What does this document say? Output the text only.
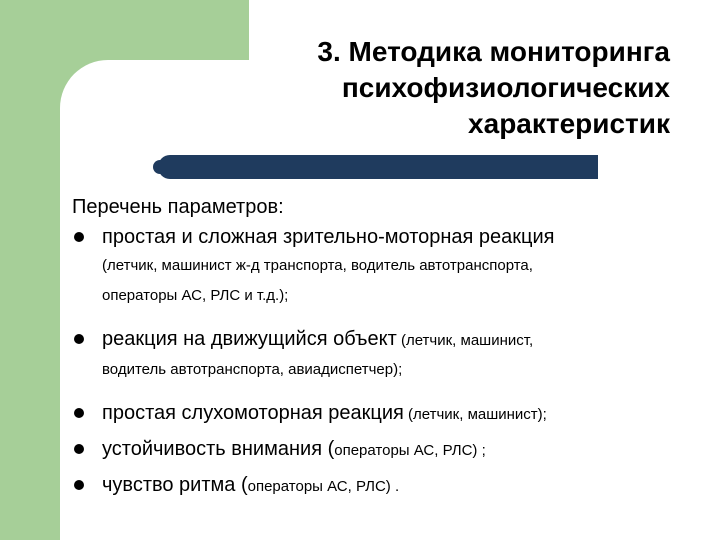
3. Методика мониторинга
психофизиологических
характеристик
Перечень параметров:
простая и сложная зрительно-моторная реакция
(летчик, машинист ж-д транспорта, водитель автотранспорта,
операторы АС, РЛС и т.д.);
реакция на движущийся объект (летчик, машинист,
водитель автотранспорта, авиадиспетчер);
простая слухомоторная реакция (летчик, машинист);
устойчивость внимания (операторы АС, РЛС) ;
чувство ритма (операторы АС, РЛС) .
